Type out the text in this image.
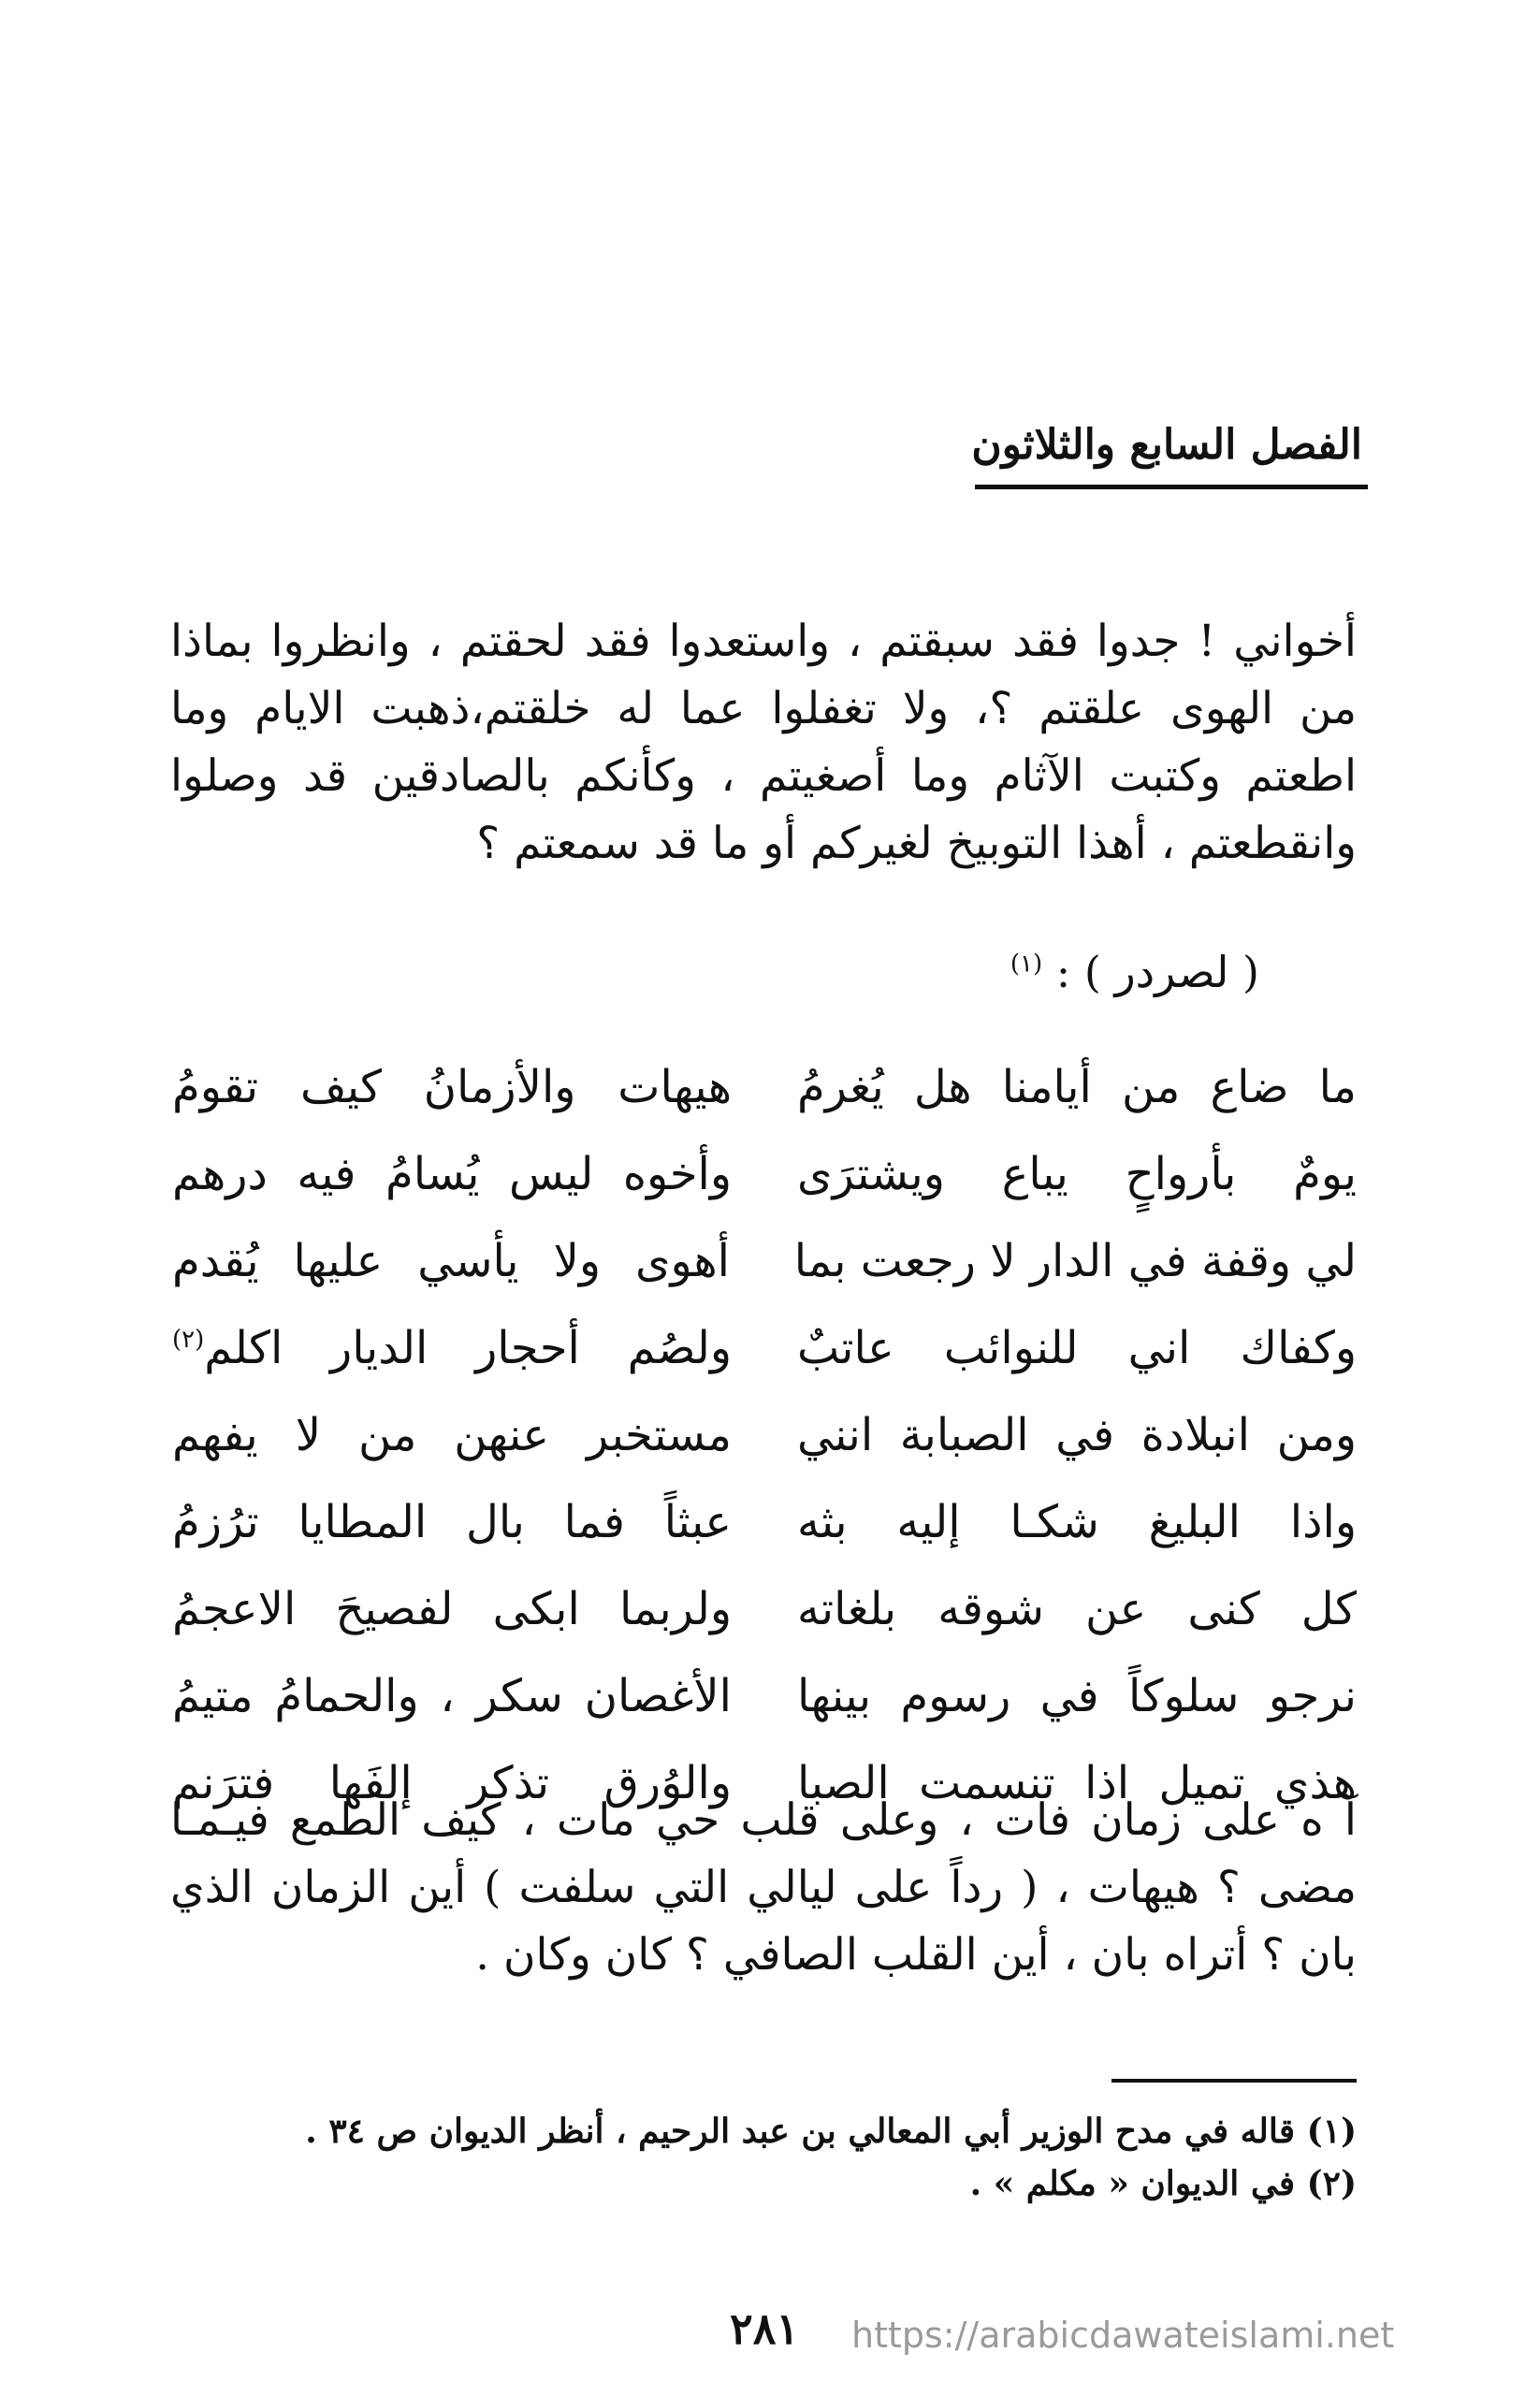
الفصل السابع والثلاثون

أخواني ! جدوا فقد سبقتم ، واستعدوا فقد لحقتم ، وانظروا بماذا من الهوى علقتم ؟، ولا تغفلوا عما له خلقتم،ذهبت الايام وما اطعتم وكتبت الآثام وما أصغيتم ، وكأنكم بالصادقين قد وصلوا وانقطعتم ، أهذا التوبيخ لغيركم أو ما قد سمعتم ؟

( لصردر ) : $^{(١)}$
ما ضاع من أيامنا هل يُغرمُ
هيهات والأزمانُ كيف تقومُ
يومٌ بأرواحٍ يباع ويشترَى
وأخوه ليس يُسامُ فيه درهم
لي وقفة في الدار لا رجعت بما
أهوى ولا يأسي عليها يُقدم
وكفاك اني للنوائب عاتبٌ
ولصُم أحجار الديار اكلم$^{(٢)}$
ومن انبلادة في الصبابة انني
مستخبر عنهن من لا يفهم
واذا البليغ شكـا إليه بثه
عبثاً فما بال المطايا ترُزمُ
كل كنى عن شوقه بلغاته
ولربما ابكى لفصيحَ الاعجمُ
نرجو سلوكاً في رسوم بينها
الأغصان سكر ، والحمامُ متيمُ
هذي تميل اذا تنسمت الصبا
والوُرق تذكر إلفَها فترَنم

آ ه على زمان فات ، وعلى قلب حي مات ، كيف الطمع فيـمـا مضى ؟ هيهات ، ( رداً على ليالي التي سلفت ) أين الزمان الذي بان ؟ أتراه بان ، أين القلب الصافي ؟ كان وكان .

(١) قاله في مدح الوزير أبي المعالي بن عبد الرحيم ، أنظر الديوان ص ٣٤ .
(٢) في الديوان « مكلم » .
٢٨١ https://arabicdawateislami.net
